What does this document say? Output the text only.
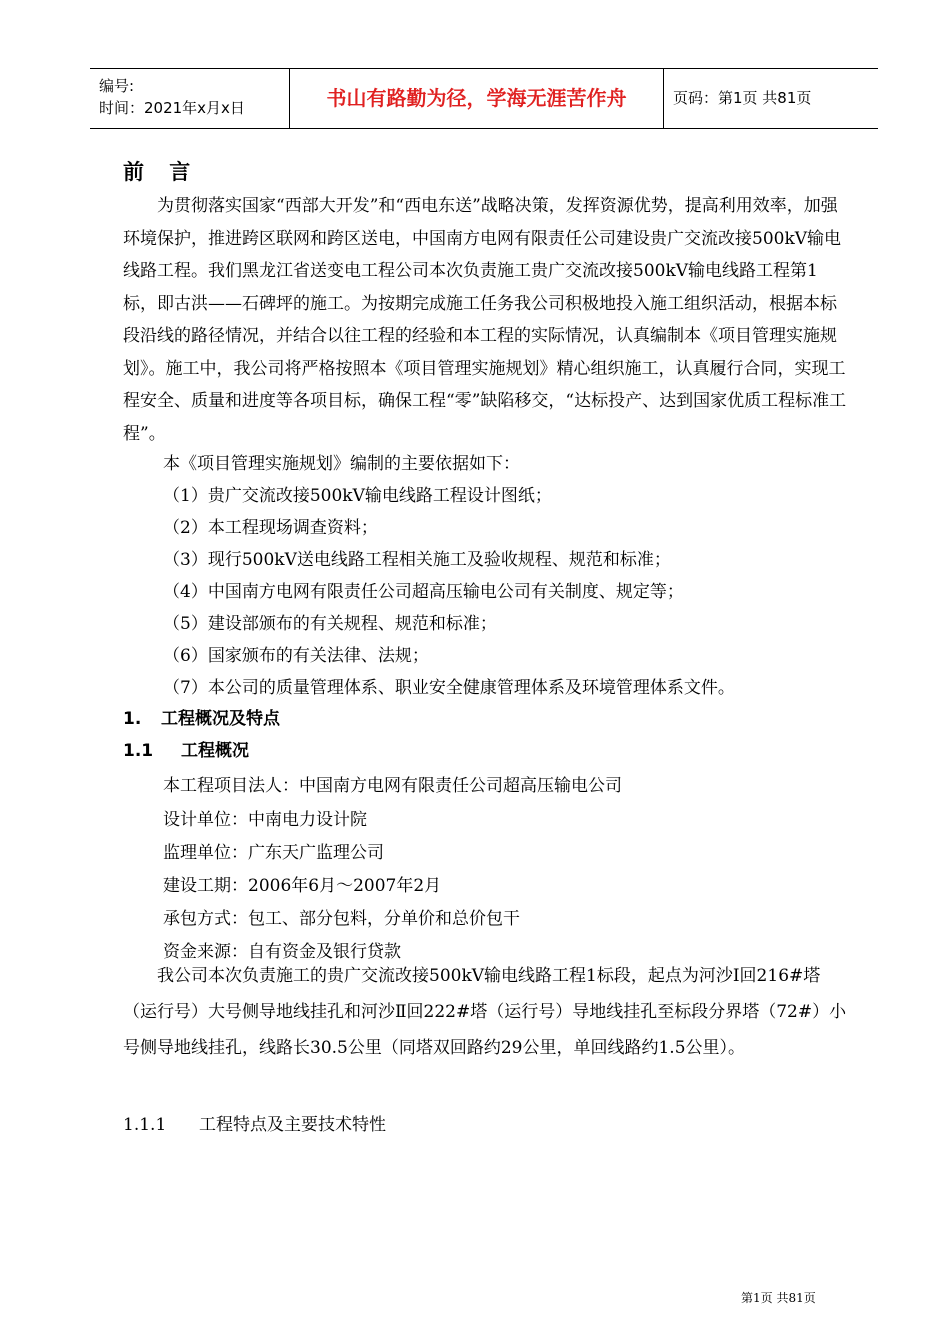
编号:
时间：2021年x月x日	书山有路勤为径，学海无涯苦作舟	页码：第1页 共81页
前 言

为贯彻落实国家“西部大开发”和“西电东送”战略决策，发挥资源优势，提高利用效率，加强环境保护，推进跨区联网和跨区送电，中国南方电网有限责任公司建设贵广交流改接500kV输电线路工程。我们黑龙江省送变电工程公司本次负责施工贵广交流改接500kV输电线路工程第1标，即古洪——石碑坪的施工。为按期完成施工任务我公司积极地投入施工组织活动，根据本标段沿线的路径情况，并结合以往工程的经验和本工程的实际情况，认真编制本《项目管理实施规划》。施工中，我公司将严格按照本《项目管理实施规划》精心组织施工，认真履行合同，实现工程安全、质量和进度等各项目标，确保工程“零”缺陷移交，“达标投产、达到国家优质工程标准工程”。

本《项目管理实施规划》编制的主要依据如下：

（1）贵广交流改接500kV输电线路工程设计图纸；

（2）本工程现场调查资料；

（3）现行500kV送电线路工程相关施工及验收规程、规范和标准；

（4）中国南方电网有限责任公司超高压输电公司有关制度、规定等；

（5）建设部颁布的有关规程、规范和标准；

（6）国家颁布的有关法律、法规；

（7）本公司的质量管理体系、职业安全健康管理体系及环境管理体系文件。

1. 工程概况及特点
1.1 工程概况

本工程项目法人：中国南方电网有限责任公司超高压输电公司

设计单位：中南电力设计院

监理单位：广东天广监理公司

建设工期：2006年6月～2007年2月

承包方式：包工、部分包料，分单价和总价包干

资金来源：自有资金及银行贷款

我公司本次负责施工的贵广交流改接500kV输电线路工程1标段，起点为河沙Ⅰ回216#塔（运行号）大号侧导地线挂孔和河沙Ⅱ回222#塔（运行号）导地线挂孔至标段分界塔（72#）小号侧导地线挂孔，线路长30.5公里（同塔双回路约29公里，单回线路约1.5公里）。

1.1.1 工程特点及主要技术特性
第1页 共81页
